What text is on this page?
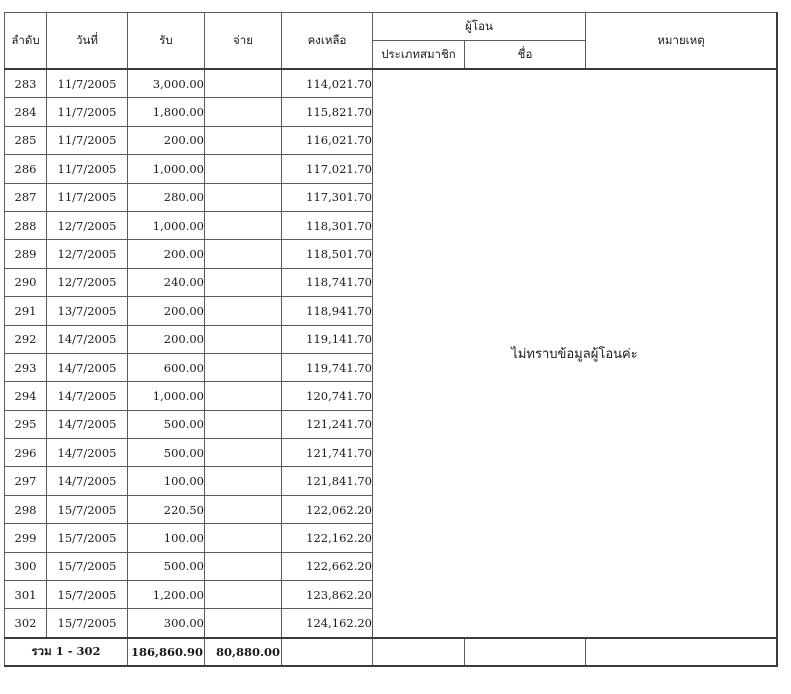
ลำดับ	วันที่	รับ	จ่าย	คงเหลือ	ผู้โอน		หมายเหตุ
					ประเภทสมาชิก	ชื่อ	
283	11/7/2005	3,000.00		114,021.70	ไม่ทราบข้อมูลผู้โอนค่ะ		
284	11/7/2005	1,800.00		115,821.70			
285	11/7/2005	200.00		116,021.70			
286	11/7/2005	1,000.00		117,021.70			
287	11/7/2005	280.00		117,301.70			
288	12/7/2005	1,000.00		118,301.70			
289	12/7/2005	200.00		118,501.70			
290	12/7/2005	240.00		118,741.70			
291	13/7/2005	200.00		118,941.70			
292	14/7/2005	200.00		119,141.70			
293	14/7/2005	600.00		119,741.70			
294	14/7/2005	1,000.00		120,741.70			
295	14/7/2005	500.00		121,241.70			
296	14/7/2005	500.00		121,741.70			
297	14/7/2005	100.00		121,841.70			
298	15/7/2005	220.50		122,062.20			
299	15/7/2005	100.00		122,162.20			
300	15/7/2005	500.00		122,662.20			
301	15/7/2005	1,200.00		123,862.20			
302	15/7/2005	300.00		124,162.20			
รวม 1 - 302		186,860.90	80,880.00				
